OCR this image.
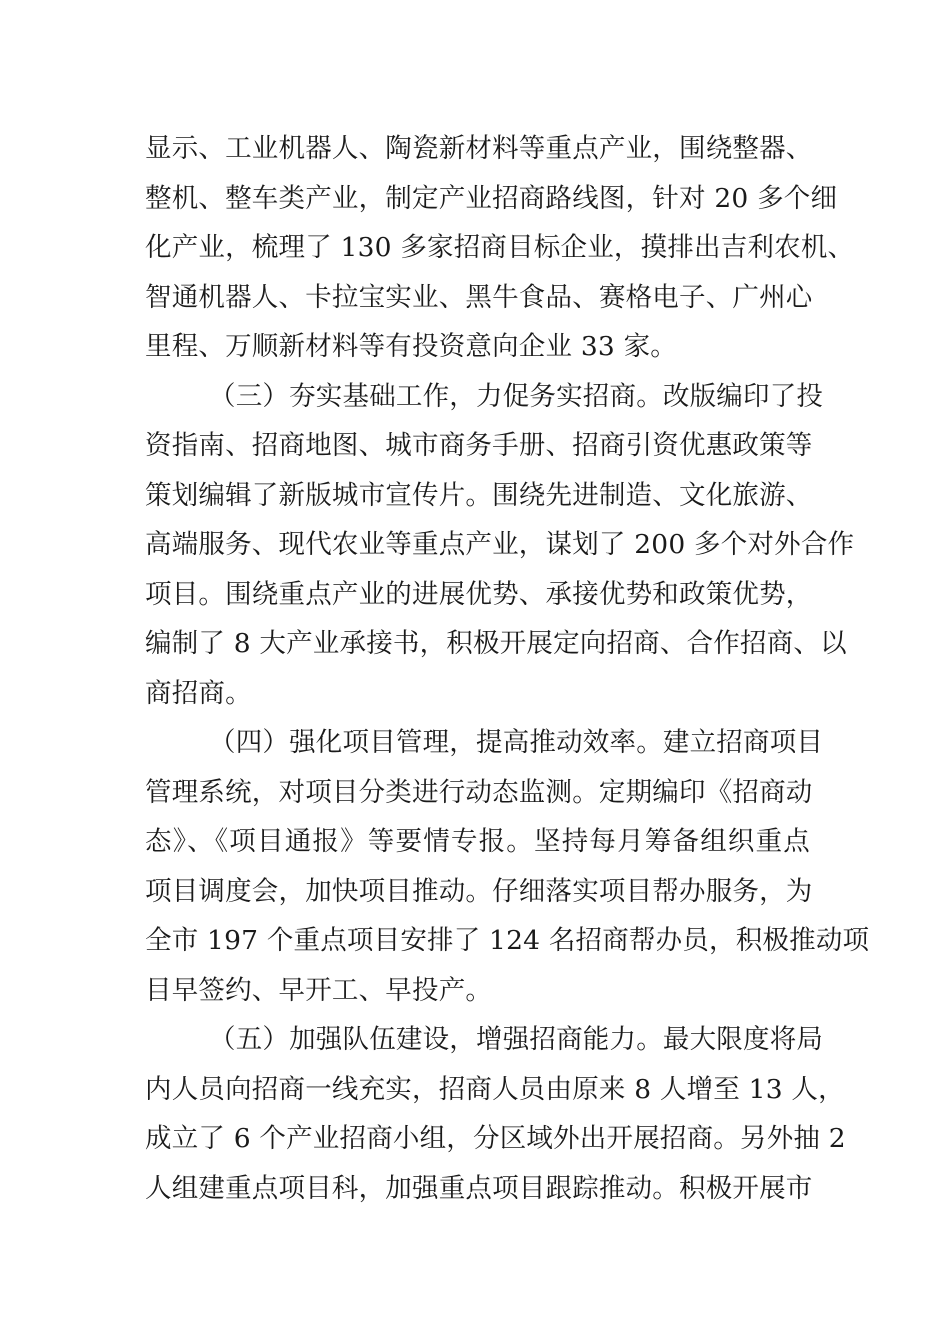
显示、工业机器人、陶瓷新材料等重点产业，围绕整器、
整机、整车类产业，制定产业招商路线图，针对 20 多个细
化产业，梳理了 130 多家招商目标企业，摸排出吉利农机、
智通机器人、卡拉宝实业、黑牛食品、赛格电子、广州心
里程、万顺新材料等有投资意向企业 33 家。
（三）夯实基础工作，力促务实招商。改版编印了投
资指南、招商地图、城市商务手册、招商引资优惠政策等
策划编辑了新版城市宣传片。围绕先进制造、文化旅游、
高端服务、现代农业等重点产业，谋划了 200 多个对外合作
项目。围绕重点产业的进展优势、承接优势和政策优势，
编制了 8 大产业承接书，积极开展定向招商、合作招商、以
商招商。
（四）强化项目管理，提高推动效率。建立招商项目
管理系统，对项目分类进行动态监测。定期编印《招商动
态》、《项目通报》等要情专报。坚持每月筹备组织重点
项目调度会，加快项目推动。仔细落实项目帮办服务，为
全市 197 个重点项目安排了 124 名招商帮办员，积极推动项
目早签约、早开工、早投产。
（五）加强队伍建设，增强招商能力。最大限度将局
内人员向招商一线充实，招商人员由原来 8 人增至 13 人，
成立了 6 个产业招商小组，分区域外出开展招商。另外抽 2
人组建重点项目科，加强重点项目跟踪推动。积极开展市
